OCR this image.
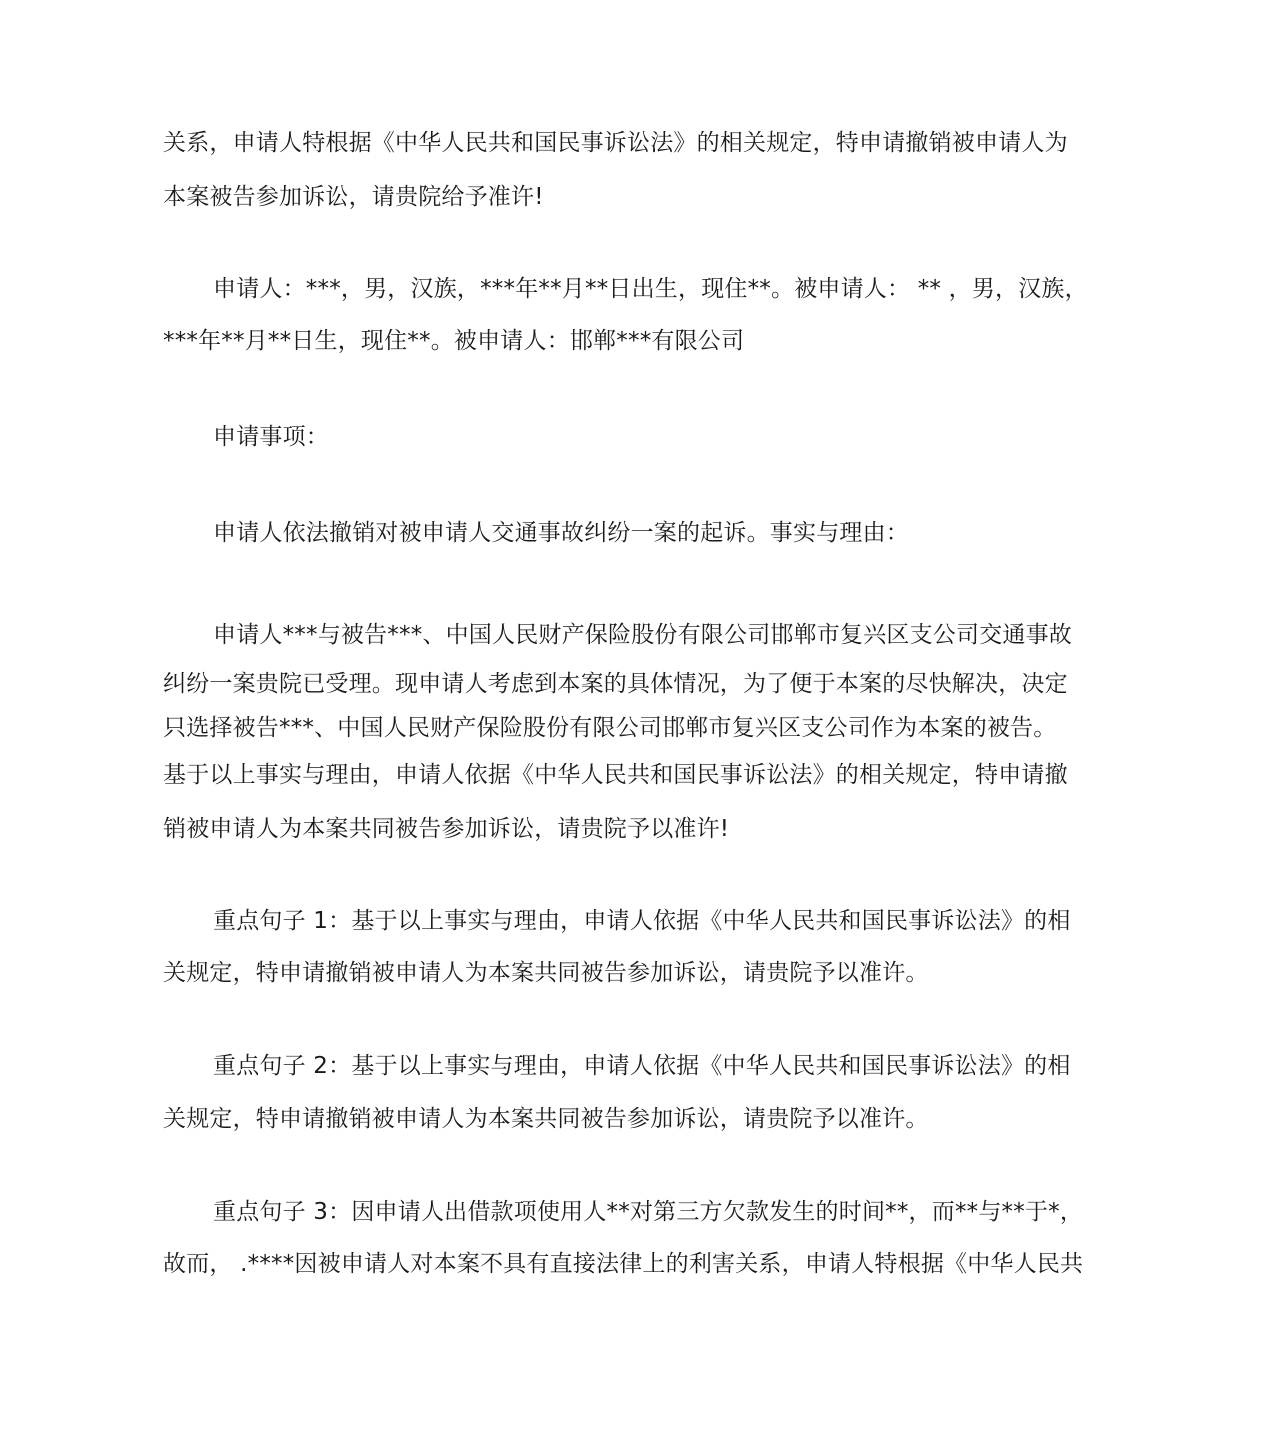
关系，申请人特根据《中华人民共和国民事诉讼法》的相关规定，特申请撤销被申请人为
本案被告参加诉讼，请贵院给予准许!
申请人：***，男，汉族，***年**月**日出生，现住**。被申请人： ** ，男，汉族，
***年**月**日生，现住**。被申请人：邯郸***有限公司
申请事项：
申请人依法撤销对被申请人交通事故纠纷一案的起诉。事实与理由：
申请人***与被告***、中国人民财产保险股份有限公司邯郸市复兴区支公司交通事故
纠纷一案贵院已受理。现申请人考虑到本案的具体情况，为了便于本案的尽快解决，决定
只选择被告***、中国人民财产保险股份有限公司邯郸市复兴区支公司作为本案的被告。
基于以上事实与理由，申请人依据《中华人民共和国民事诉讼法》的相关规定，特申请撤
销被申请人为本案共同被告参加诉讼，请贵院予以准许!
重点句子 1：基于以上事实与理由，申请人依据《中华人民共和国民事诉讼法》的相
关规定，特申请撤销被申请人为本案共同被告参加诉讼，请贵院予以准许。
重点句子 2：基于以上事实与理由，申请人依据《中华人民共和国民事诉讼法》的相
关规定，特申请撤销被申请人为本案共同被告参加诉讼，请贵院予以准许。
重点句子 3：因申请人出借款项使用人**对第三方欠款发生的时间**，而**与**于*，
故而， .****因被申请人对本案不具有直接法律上的利害关系，申请人特根据《中华人民共
